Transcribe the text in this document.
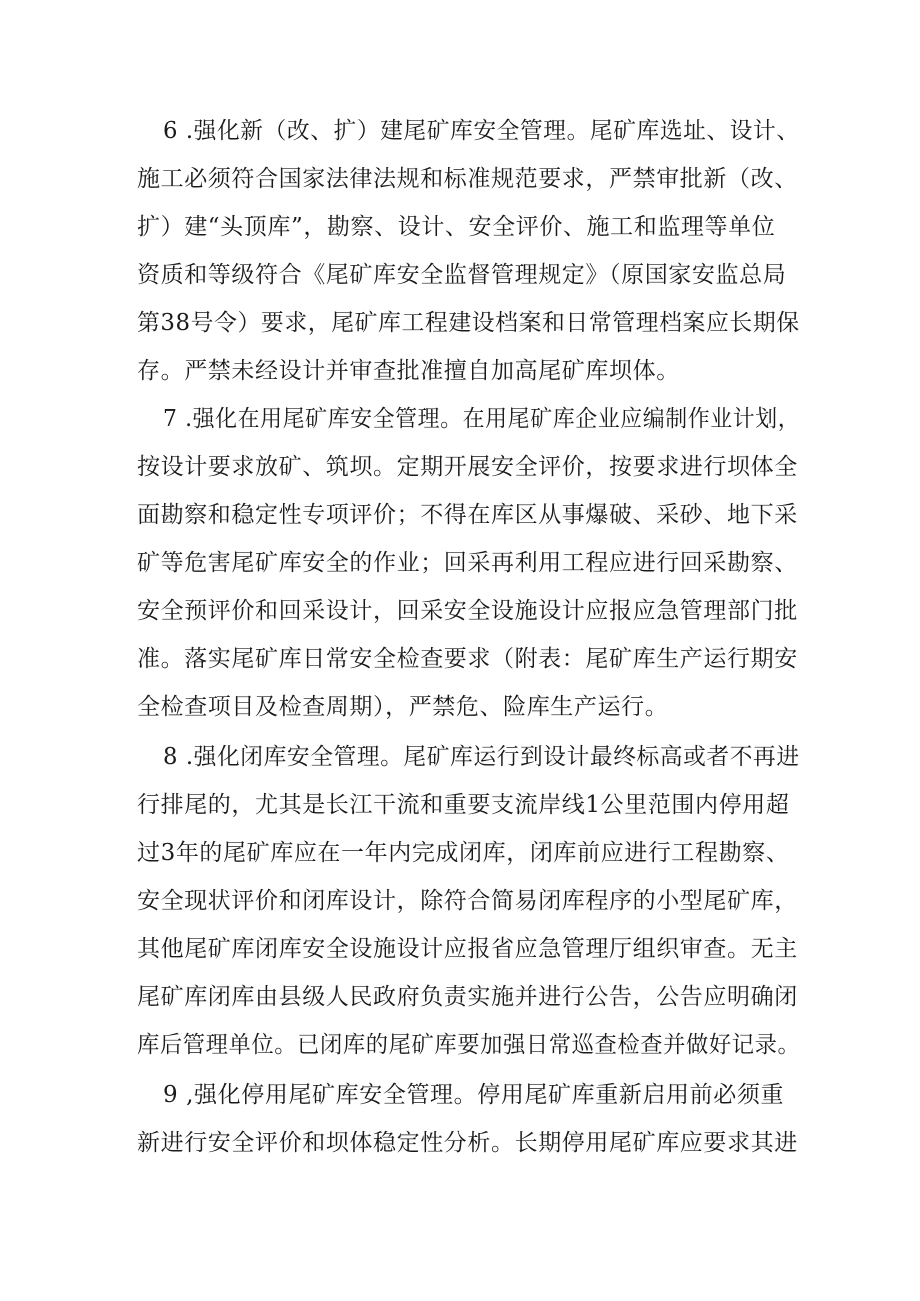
6 .强化新（改、扩）建尾矿库安全管理。尾矿库选址、设计、
施工必须符合国家法律法规和标准规范要求，严禁审批新（改、
扩）建“头顶库”，勘察、设计、安全评价、施工和监理等单位
资质和等级符合《尾矿库安全监督管理规定》（原国家安监总局
第38号令）要求，尾矿库工程建设档案和日常管理档案应长期保
存。严禁未经设计并审查批准擅自加高尾矿库坝体。
7 .强化在用尾矿库安全管理。在用尾矿库企业应编制作业计划，
按设计要求放矿、筑坝。定期开展安全评价，按要求进行坝体全
面勘察和稳定性专项评价；不得在库区从事爆破、采砂、地下采
矿等危害尾矿库安全的作业；回采再利用工程应进行回采勘察、
安全预评价和回采设计，回采安全设施设计应报应急管理部门批
准。落实尾矿库日常安全检查要求（附表：尾矿库生产运行期安
全检查项目及检查周期），严禁危、险库生产运行。
8 .强化闭库安全管理。尾矿库运行到设计最终标高或者不再进
行排尾的，尤其是长江干流和重要支流岸线1公里范围内停用超
过3年的尾矿库应在一年内完成闭库，闭库前应进行工程勘察、
安全现状评价和闭库设计，除符合简易闭库程序的小型尾矿库，
其他尾矿库闭库安全设施设计应报省应急管理厅组织审查。无主
尾矿库闭库由县级人民政府负责实施并进行公告，公告应明确闭
库后管理单位。已闭库的尾矿库要加强日常巡查检查并做好记录。
9 ,强化停用尾矿库安全管理。停用尾矿库重新启用前必须重
新进行安全评价和坝体稳定性分析。长期停用尾矿库应要求其进
